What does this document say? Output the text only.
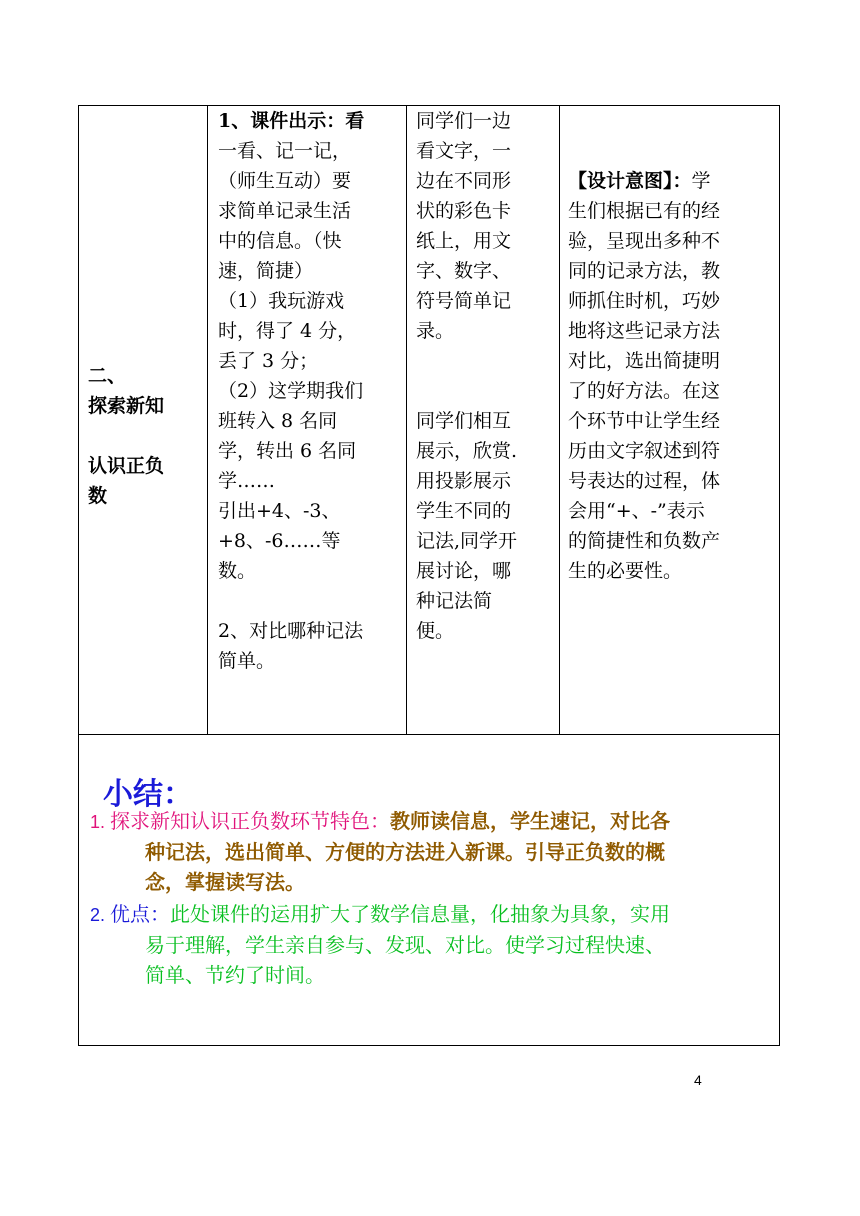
二、

探索新知

认识正负

数

1、课件出示：看

一看、记一记，

（师生互动）要

求简单记录生活

中的信息。（快

速，简捷）

（1）我玩游戏

时，得了 4 分，

丢了 3 分；

（2）这学期我们

班转入 8 名同

学，转出 6 名同

学……

引出+4、-3、

+8、-6……等

数。

2、对比哪种记法

简单。

同学们一边

看文字，一

边在不同形

状的彩色卡

纸上，用文

字、数字、

符号简单记

录。

同学们相互

展示，欣赏.

用投影展示

学生不同的

记法,同学开

展讨论，哪

种记法简

便。

【设计意图】：学

生们根据已有的经

验，呈现出多种不

同的记录方法，教

师抓住时机，巧妙

地将这些记录方法

对比，选出简捷明

了的好方法。在这

个环节中让学生经

历由文字叙述到符

号表达的过程，体

会用“+、-”表示

的简捷性和负数产

生的必要性。

小结：
1. 探求新知认识正负数环节特色：教师读信息，学生速记，对比各
种记法，选出简单、方便的方法进入新课。引导正负数的概
念，掌握读写法。
2. 优点：此处课件的运用扩大了数学信息量，化抽象为具象，实用
易于理解，学生亲自参与、发现、对比。使学习过程快速、
简单、节约了时间。
4
